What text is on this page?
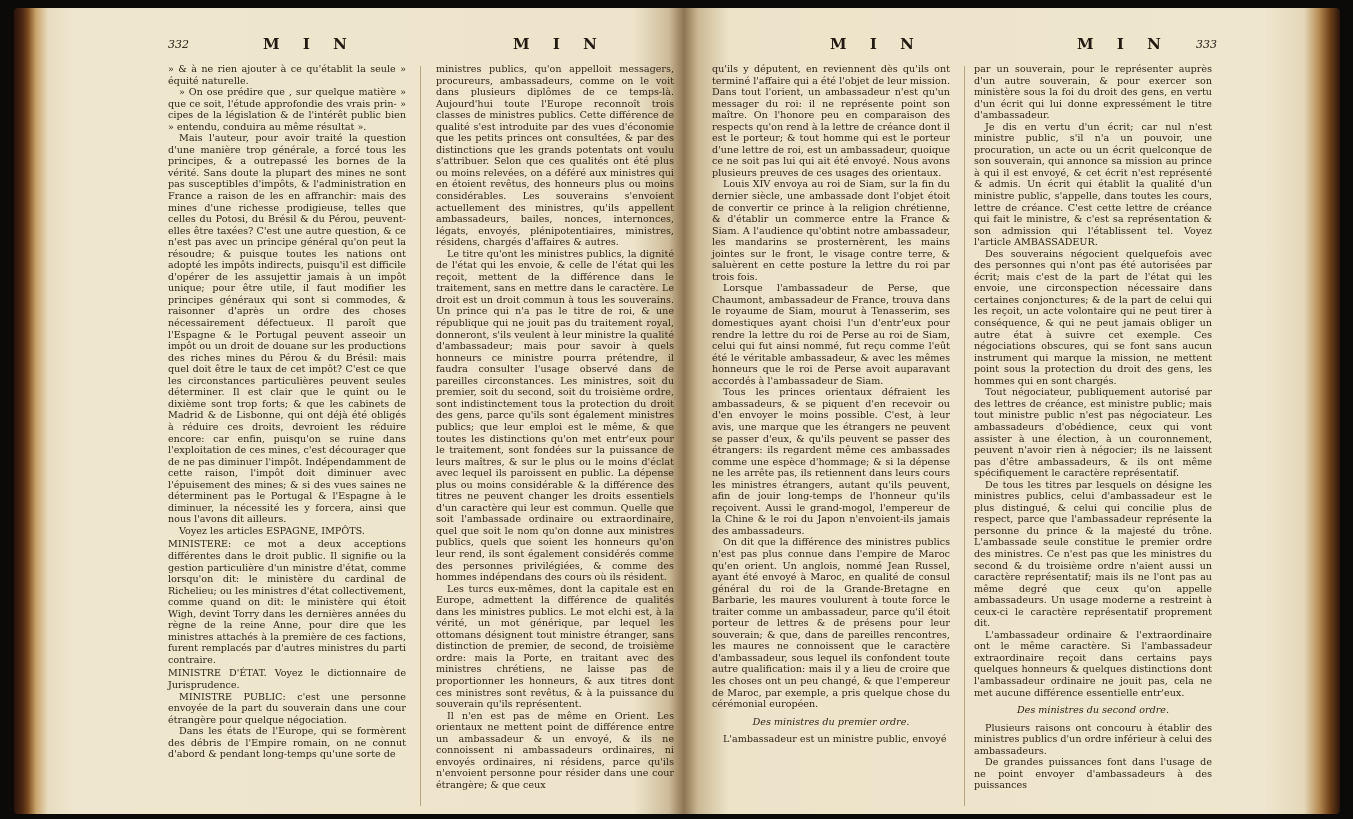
332	M I N	M I N

» & à ne rien ajouter à ce qu'établit la seule » équité naturelle.

» On ose prédire que , sur quelque matière » que ce soit, l'étude approfondie des vrais prin- » cipes de la législation & de l'intérêt public bien » entendu, conduira au même résultat ».

Mais l'auteur, pour avoir traité la question d'une manière trop générale, a forcé tous les principes, & a outrepassé les bornes de la vérité. Sans doute la plupart des mines ne sont pas susceptibles d'impôts, & l'administration en France a raison de les en affranchir: mais des mines d'une richesse prodigieuse, telles que celles du Potosi, du Brésil & du Pérou, peuvent-elles être taxées? C'est une autre question, & ce n'est pas avec un principe général qu'on peut la résoudre; & puisque toutes les nations ont adopté les impôts indirects, puisqu'il est difficile d'opérer de les assujettir jamais à un impôt unique; pour être utile, il faut modifier les principes généraux qui sont si commodes, & raisonner d'après un ordre des choses nécessairement défectueux. Il paroît que l'Espagne & le Portugal peuvent asseoir un impôt ou un droit de douane sur les productions des riches mines du Pérou & du Brésil: mais quel doit être le taux de cet impôt? C'est ce que les circonstances particulières peuvent seules déterminer. Il est clair que le quint ou le dixième sont trop forts; & que les cabinets de Madrid & de Lisbonne, qui ont déjà été obligés à réduire ces droits, devroient les réduire encore: car enfin, puisqu'on se ruine dans l'exploitation de ces mines, c'est décourager que de ne pas diminuer l'impôt. Indépendamment de cette raison, l'impôt doit diminuer avec l'épuisement des mines; & si des vues saines ne déterminent pas le Portugal & l'Espagne à le diminuer, la nécessité les y forcera, ainsi que nous l'avons dit ailleurs.

Voyez les articles ESPAGNE, IMPÔTS.

MINISTERE: ce mot a deux acceptions différentes dans le droit public. Il signifie ou la gestion particulière d'un ministre d'état, comme lorsqu'on dit: le ministère du cardinal de Richelieu; ou les ministres d'état collectivement, comme quand on dit: le ministère qui étoit Wigh, devint Torry dans les dernières années du règne de la reine Anne, pour dire que les ministres attachés à la première de ces factions, furent remplacés par d'autres ministres du parti contraire.

MINISTRE D'ÉTAT. Voyez le dictionnaire de Jurisprudence.

MINISTRE PUBLIC: c'est une personne envoyée de la part du souverain dans une cour étrangère pour quelque négociation.

Dans les états de l'Europe, qui se formèrent des débris de l'Empire romain, on ne connut d'abord & pendant long-temps qu'une sorte de

ministres publics, qu'on appelloit messagers, procureurs, ambassadeurs, comme on le voit dans plusieurs diplômes de ce temps-là. Aujourd'hui toute l'Europe reconnoît trois classes de ministres publics. Cette différence de qualité s'est introduite par des vues d'économie que les petits princes ont consultées, & par des distinctions que les grands potentats ont voulu s'attribuer. Selon que ces qualités ont été plus ou moins relevées, on a déféré aux ministres qui en étoient revêtus, des honneurs plus ou moins considérables. Les souverains s'envoient actuellement des ministres, qu'ils appellent ambassadeurs, bailes, nonces, internonces, légats, envoyés, plénipotentiaires, ministres, résidens, chargés d'affaires & autres.

Le titre qu'ont les ministres publics, la dignité de l'état qui les envoie, & celle de l'état qui les reçoit, mettent de la différence dans le traitement, sans en mettre dans le caractère. Le droit est un droit commun à tous les souverains. Un prince qui n'a pas le titre de roi, & une république qui ne jouit pas du traitement royal, donneront, s'ils veulent à leur ministre la qualité d'ambassadeur; mais pour savoir à quels honneurs ce ministre pourra prétendre, il faudra consulter l'usage observé dans de pareilles circonstances. Les ministres, soit du premier, soit du second, soit du troisième ordre, sont indistinctement tous la protection du droit des gens, parce qu'ils sont également ministres publics; que leur emploi est le même, & que toutes les distinctions qu'on met entr'eux pour le traitement, sont fondées sur la puissance de leurs maîtres, & sur le plus ou le moins d'éclat avec lequel ils paroissent en public. La dépense plus ou moins considérable & la différence des titres ne peuvent changer les droits essentiels d'un caractère qui leur est commun. Quelle que soit l'ambassade ordinaire ou extraordinaire, quel que soit le nom qu'on donne aux ministres publics, quels que soient les honneurs qu'on leur rend, ils sont également considérés comme des personnes privilégiées, & comme des hommes indépendans des cours où ils résident.

Les turcs eux-mêmes, dont la capitale est en Europe, admettent la différence de qualités dans les ministres publics. Le mot elchi est, à la vérité, un mot générique, par lequel les ottomans désignent tout ministre étranger, sans distinction de premier, de second, de troisième ordre: mais la Porte, en traitant avec des ministres chrétiens, ne laisse pas de proportionner les honneurs, & aux titres dont ces ministres sont revêtus, & à la puissance du souverain qu'ils représentent.

Il n'en est pas de même en Orient. Les orientaux ne mettent point de différence entre un ambassadeur & un envoyé, & ils ne connoissent ni ambassadeurs ordinaires, ni envoyés ordinaires, ni résidens, parce qu'ils n'envoient personne pour résider dans une cour étrangère; & que ceux

M I N	M I N 333

qu'ils y députent, en reviennent dès qu'ils ont terminé l'affaire qui a été l'objet de leur mission. Dans tout l'orient, un ambassadeur n'est qu'un messager du roi: il ne représente point son maître. On l'honore peu en comparaison des respects qu'on rend à la lettre de créance dont il est le porteur; & tout homme qui est le porteur d'une lettre de roi, est un ambassadeur, quoique ce ne soit pas lui qui ait été envoyé. Nous avons plusieurs preuves de ces usages des orientaux.

Louis XIV envoya au roi de Siam, sur la fin du dernier siècle, une ambassade dont l'objet étoit de convertir ce prince à la religion chrétienne, & d'établir un commerce entre la France & Siam. A l'audience qu'obtint notre ambassadeur, les mandarins se prosternèrent, les mains jointes sur le front, le visage contre terre, & saluèrent en cette posture la lettre du roi par trois fois.

Lorsque l'ambassadeur de Perse, que Chaumont, ambassadeur de France, trouva dans le royaume de Siam, mourut à Tenasserim, ses domestiques ayant choisi l'un d'entr'eux pour rendre la lettre du roi de Perse au roi de Siam, celui qui fut ainsi nommé, fut reçu comme l'eût été le véritable ambassadeur, & avec les mêmes honneurs que le roi de Perse avoit auparavant accordés à l'ambassadeur de Siam.

Tous les princes orientaux défraient les ambassadeurs, & se piquent d'en recevoir ou d'en envoyer le moins possible. C'est, à leur avis, une marque que les étrangers ne peuvent se passer d'eux, & qu'ils peuvent se passer des étrangers: ils regardent même ces ambassades comme une espèce d'hommage; & si la dépense ne les arrête pas, ils retiennent dans leurs cours les ministres étrangers, autant qu'ils peuvent, afin de jouir long-temps de l'honneur qu'ils reçoivent. Aussi le grand-mogol, l'empereur de la Chine & le roi du Japon n'envoient-ils jamais des ambassadeurs.

On dit que la différence des ministres publics n'est pas plus connue dans l'empire de Maroc qu'en orient. Un anglois, nommé Jean Russel, ayant été envoyé à Maroc, en qualité de consul général du roi de la Grande-Bretagne en Barbarie, les maures voulurent à toute force le traiter comme un ambassadeur, parce qu'il étoit porteur de lettres & de présens pour leur souverain; & que, dans de pareilles rencontres, les maures ne connoissent que le caractère d'ambassadeur, sous lequel ils confondent toute autre qualification: mais il y a lieu de croire que les choses ont un peu changé, & que l'empereur de Maroc, par exemple, a pris quelque chose du cérémonial européen.

Des ministres du premier ordre.

L'ambassadeur est un ministre public, envoyé

par un souverain, pour le représenter auprès d'un autre souverain, & pour exercer son ministère sous la foi du droit des gens, en vertu d'un écrit qui lui donne expressément le titre d'ambassadeur.

Je dis en vertu d'un écrit; car nul n'est ministre public, s'il n'a un pouvoir, une procuration, un acte ou un écrit quelconque de son souverain, qui annonce sa mission au prince à qui il est envoyé, & cet écrit n'est représenté & admis. Un écrit qui établit la qualité d'un ministre public, s'appelle, dans toutes les cours, lettre de créance. C'est cette lettre de créance qui fait le ministre, & c'est sa représentation & son admission qui l'établissent tel. Voyez l'article AMBASSADEUR.

Des souverains négocient quelquefois avec des personnes qui n'ont pas été autorisées par écrit; mais c'est de la part de l'état qui les envoie, une circonspection nécessaire dans certaines conjonctures; & de la part de celui qui les reçoit, un acte volontaire qui ne peut tirer à conséquence, & qui ne peut jamais obliger un autre état à suivre cet exemple. Ces négociations obscures, qui se font sans aucun instrument qui marque la mission, ne mettent point sous la protection du droit des gens, les hommes qui en sont chargés.

Tout négociateur, publiquement autorisé par des lettres de créance, est ministre public; mais tout ministre public n'est pas négociateur. Les ambassadeurs d'obédience, ceux qui vont assister à une élection, à un couronnement, peuvent n'avoir rien à négocier; ils ne laissent pas d'être ambassadeurs, & ils ont même spécifiquement le caractère représentatif.

De tous les titres par lesquels on désigne les ministres publics, celui d'ambassadeur est le plus distingué, & celui qui concilie plus de respect, parce que l'ambassadeur représente la personne du prince & la majesté du trône. L'ambassade seule constitue le premier ordre des ministres. Ce n'est pas que les ministres du second & du troisième ordre n'aient aussi un caractère représentatif; mais ils ne l'ont pas au même degré que ceux qu'on appelle ambassadeurs. Un usage moderne a restreint à ceux-ci le caractère représentatif proprement dit.

L'ambassadeur ordinaire & l'extraordinaire ont le même caractère. Si l'ambassadeur extraordinaire reçoit dans certains pays quelques honneurs & quelques distinctions dont l'ambassadeur ordinaire ne jouit pas, cela ne met aucune différence essentielle entr'eux.

Des ministres du second ordre.

Plusieurs raisons ont concouru à établir des ministres publics d'un ordre inférieur à celui des ambassadeurs.

De grandes puissances font dans l'usage de ne point envoyer d'ambassadeurs à des puissances
